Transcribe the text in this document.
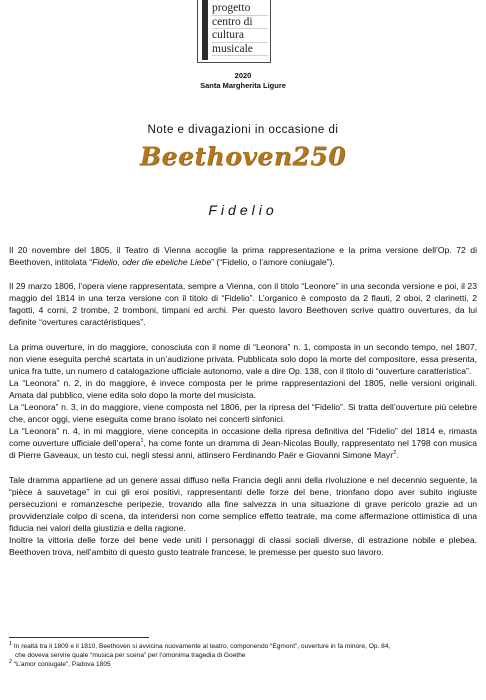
progetto
centro di
cultura
musicale
2020
Santa Margherita Ligure
Note e divagazioni in occasione di
Beethoven250
Fidelio

Il 20 novembre del 1805, il Teatro di Vienna accoglie la prima rappresentazione e la prima versione dell’Op. 72 di Beethoven, intitolata “Fidelio, oder die ebeliche Liebe” (“Fidelio, o l’amore coniugale”).

Il 29 marzo 1806, l’opera viene rappresentata, sempre a Vienna, con il titolo “Leonore” in una seconda versione e poi, il 23 maggio del 1814 in una terza versione con il titolo di “Fidelio”. L’organico è composto da 2 flauti, 2 oboi, 2 clarinetti, 2 fagotti, 4 corni, 2 trombe, 2 tromboni, timpani ed archi. Per questo lavoro Beethoven scrive quattro ouvertures, da lui definite “overtures caractéristiques”.

La prima ouverture, in do maggiore, conosciuta con il nome di “Leonora” n. 1, composta in un secondo tempo, nel 1807, non viene eseguita perché scartata in un’audizione privata. Pubblicata solo dopo la morte del compositore, essa presenta, unica fra tutte, un numero d catalogazione ufficiale autonomo, vale a dire Op. 138, con il titolo di “ouverture caratteristica”.

La “Leonora” n. 2, in do maggiore, è invece composta per le prime rappresentazioni del 1805, nelle versioni originali. Amata dal pubblico, viene edita solo dopo la morte del musicista.

La “Leonora” n. 3, in do maggiore, viene composta nel 1806, per la ripresa del “Fidelio”. Si tratta dell’ouverture più celebre che, ancor oggi, viene eseguita come brano isolato nei concerti sinfonici.

La “Leonora” n. 4, in mi maggiore, viene concepita in occasione della ripresa definitiva del “Fidelio” del 1814 e, rimasta come ouverture ufficiale dell’opera$^1$, ha come fonte un dramma di Jean-Nicolas Boully, rappresentato nel 1798 con musica di Pierre Gaveaux, un testo cui, negli stessi anni, attinsero Ferdinando Paër e Giovanni Simone Mayr$^2$.

Tale dramma appartiene ad un genere assai diffuso nella Francia degli anni della rivoluzione e nel decennio seguente, la “pièce à sauvetage” in cui gli eroi positivi, rappresentanti delle forze del bene, trionfano dopo aver subito ingiuste persecuzioni e romanzesche peripezie, trovando alla fine salvezza in una situazione di grave pericolo grazie ad un provvidenziale colpo di scena, da intendersi non come semplice effetto teatrale, ma come affermazione ottimistica di una fiducia nei valori della giustizia e della ragione.

Inoltre la vittoria delle forze del bene vede uniti i personaggi di classi sociali diverse, di estrazione nobile e plebea. Beethoven trova, nell’ambito di questo gusto teatrale francese, le premesse per questo suo lavoro.

$^1$ In realtà tra il 1809 e il 1810, Beethoven si avvicina nuovamente al teatro, componendo “Egmont”, ouverture in fa minore, Op. 84,
che doveva servire quale “musica per scena” per l’omonima tragedia di Goethe
$^2$ “L’amor coniugale”, Padova 1805
